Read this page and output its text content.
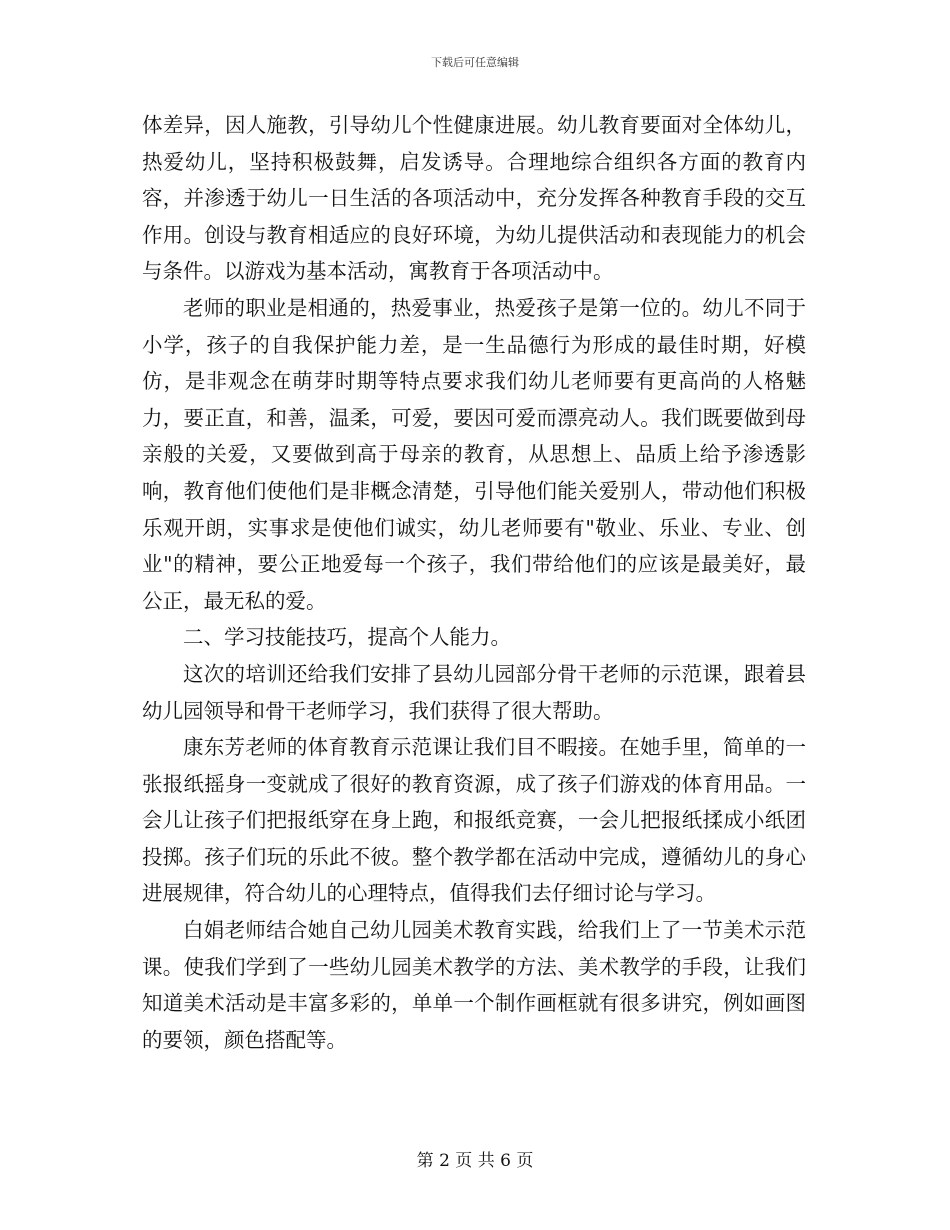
下载后可任意编辑

体差异，因人施教，引导幼儿个性健康进展。幼儿教育要面对全体幼儿，热爱幼儿，坚持积极鼓舞，启发诱导。合理地综合组织各方面的教育内容，并渗透于幼儿一日生活的各项活动中，充分发挥各种教育手段的交互作用。创设与教育相适应的良好环境，为幼儿提供活动和表现能力的机会与条件。以游戏为基本活动，寓教育于各项活动中。

老师的职业是相通的，热爱事业，热爱孩子是第一位的。幼儿不同于小学，孩子的自我保护能力差，是一生品德行为形成的最佳时期，好模仿，是非观念在萌芽时期等特点要求我们幼儿老师要有更高尚的人格魅力，要正直，和善，温柔，可爱，要因可爱而漂亮动人。我们既要做到母亲般的关爱，又要做到高于母亲的教育，从思想上、品质上给予渗透影响，教育他们使他们是非概念清楚，引导他们能关爱别人，带动他们积极乐观开朗，实事求是使他们诚实，幼儿老师要有"敬业、乐业、专业、创业"的精神，要公正地爱每一个孩子，我们带给他们的应该是最美好，最公正，最无私的爱。

二、学习技能技巧，提高个人能力。

这次的培训还给我们安排了县幼儿园部分骨干老师的示范课，跟着县幼儿园领导和骨干老师学习，我们获得了很大帮助。

康东芳老师的体育教育示范课让我们目不暇接。在她手里，简单的一张报纸摇身一变就成了很好的教育资源，成了孩子们游戏的体育用品。一会儿让孩子们把报纸穿在身上跑，和报纸竞赛，一会儿把报纸揉成小纸团投掷。孩子们玩的乐此不彼。整个教学都在活动中完成，遵循幼儿的身心进展规律，符合幼儿的心理特点，值得我们去仔细讨论与学习。

白娟老师结合她自己幼儿园美术教育实践，给我们上了一节美术示范课。使我们学到了一些幼儿园美术教学的方法、美术教学的手段，让我们知道美术活动是丰富多彩的，单单一个制作画框就有很多讲究，例如画图的要领，颜色搭配等。

第 2 页 共 6 页
